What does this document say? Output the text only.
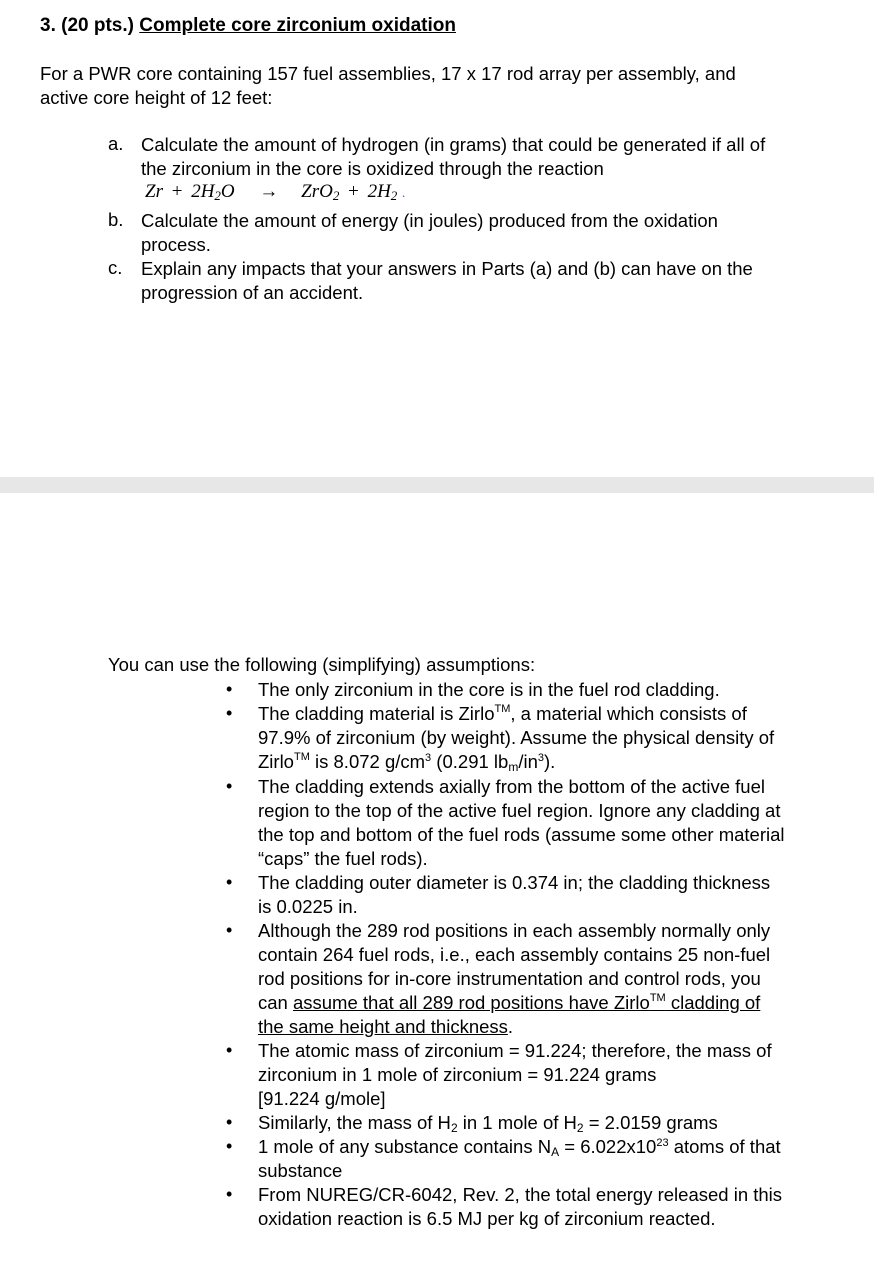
3. (20 pts.) Complete core zirconium oxidation
For a PWR core containing 157 fuel assemblies, 17 x 17 rod array per assembly, and
active core height of 12 feet:
a. Calculate the amount of hydrogen (in grams) that could be generated if all of
the zirconium in the core is oxidized through the reaction
$Zr + 2H_2O \to ZrO_2 + 2H_2$ .
b. Calculate the amount of energy (in joules) produced from the oxidation
process.
c. Explain any impacts that your answers in Parts (a) and (b) can have on the
progression of an accident.
You can use the following (simplifying) assumptions:
• The only zirconium in the core is in the fuel rod cladding.
• The cladding material is Zirlo™, a material which consists of
97.9% of zirconium (by weight). Assume the physical density of
Zirlo™ is 8.072 $g/cm^3$ (0.291 $lb_m/in^3$).
• The cladding extends axially from the bottom of the active fuel
region to the top of the active fuel region. Ignore any cladding at
the top and bottom of the fuel rods (assume some other material
“caps” the fuel rods).
• The cladding outer diameter is 0.374 in; the cladding thickness
is 0.0225 in.
• Although the 289 rod positions in each assembly normally only
contain 264 fuel rods, i.e., each assembly contains 25 non-fuel
rod positions for in-core instrumentation and control rods, you
can assume that all 289 rod positions have Zirlo™ cladding of
the same height and thickness.
• The atomic mass of zirconium = 91.224; therefore, the mass of
zirconium in 1 mole of zirconium = 91.224 grams
[91.224 g/mole]
• Similarly, the mass of $H_2$ in 1 mole of $H_2 = 2.0159$ grams
• 1 mole of any substance contains $N_A = 6.022x10^{23}$ atoms of that
substance
• From NUREG/CR-6042, Rev. 2, the total energy released in this
oxidation reaction is 6.5 MJ per kg of zirconium reacted.
